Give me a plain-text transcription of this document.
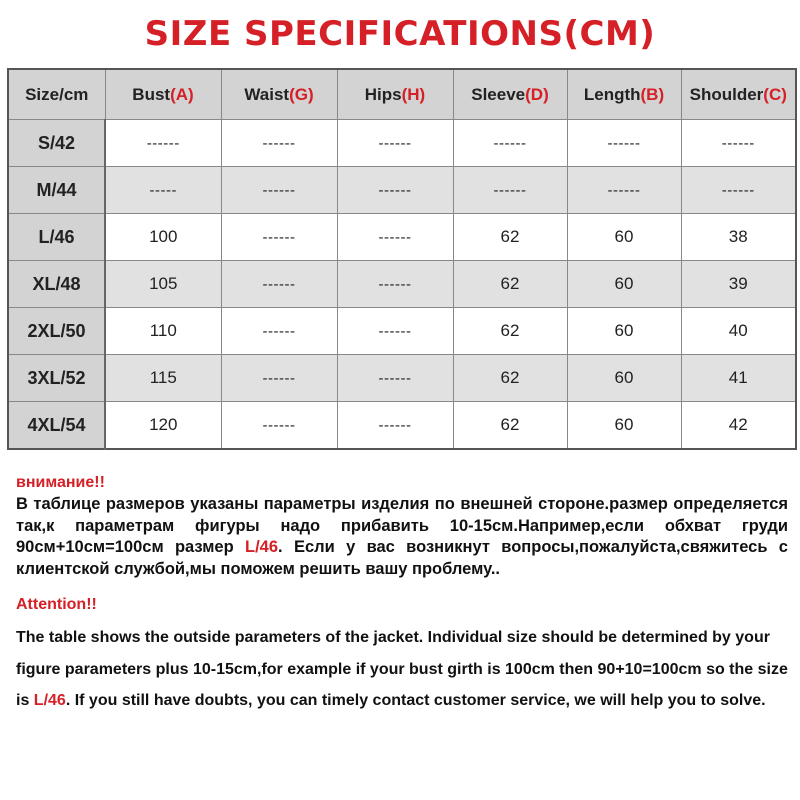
SIZE SPECIFICATIONS(CM)
Size/cm	Bust(A)	Waist(G)	Hips(H)	Sleeve(D)	Length(B)	Shoulder(C)
S/42	------	------	------	------	------	------
M/44	-----	------	------	------	------	------
L/46	100	------	------	62	60	38
XL/48	105	------	------	62	60	39
2XL/50	110	------	------	62	60	40
3XL/52	115	------	------	62	60	41
4XL/54	120	------	------	62	60	42

внимание!!

В таблице размеров указаны параметры изделия по внешней стороне.размер определяется так,к параметрам фигуры надо прибавить 10-15см.Например,если обхват груди 90см+10см=100см размер L/46. Если у вас возникнут вопросы,пожалуйста,свяжитесь с клиентской службой,мы поможем решить вашу проблему..

Attention!!

The table shows the outside parameters of the jacket. Individual size should be determined by your figure parameters plus 10-15cm,for example if your bust girth is 100cm then 90+10=100cm so the size is L/46. If you still have doubts, you can timely contact customer service, we will help you to solve.
